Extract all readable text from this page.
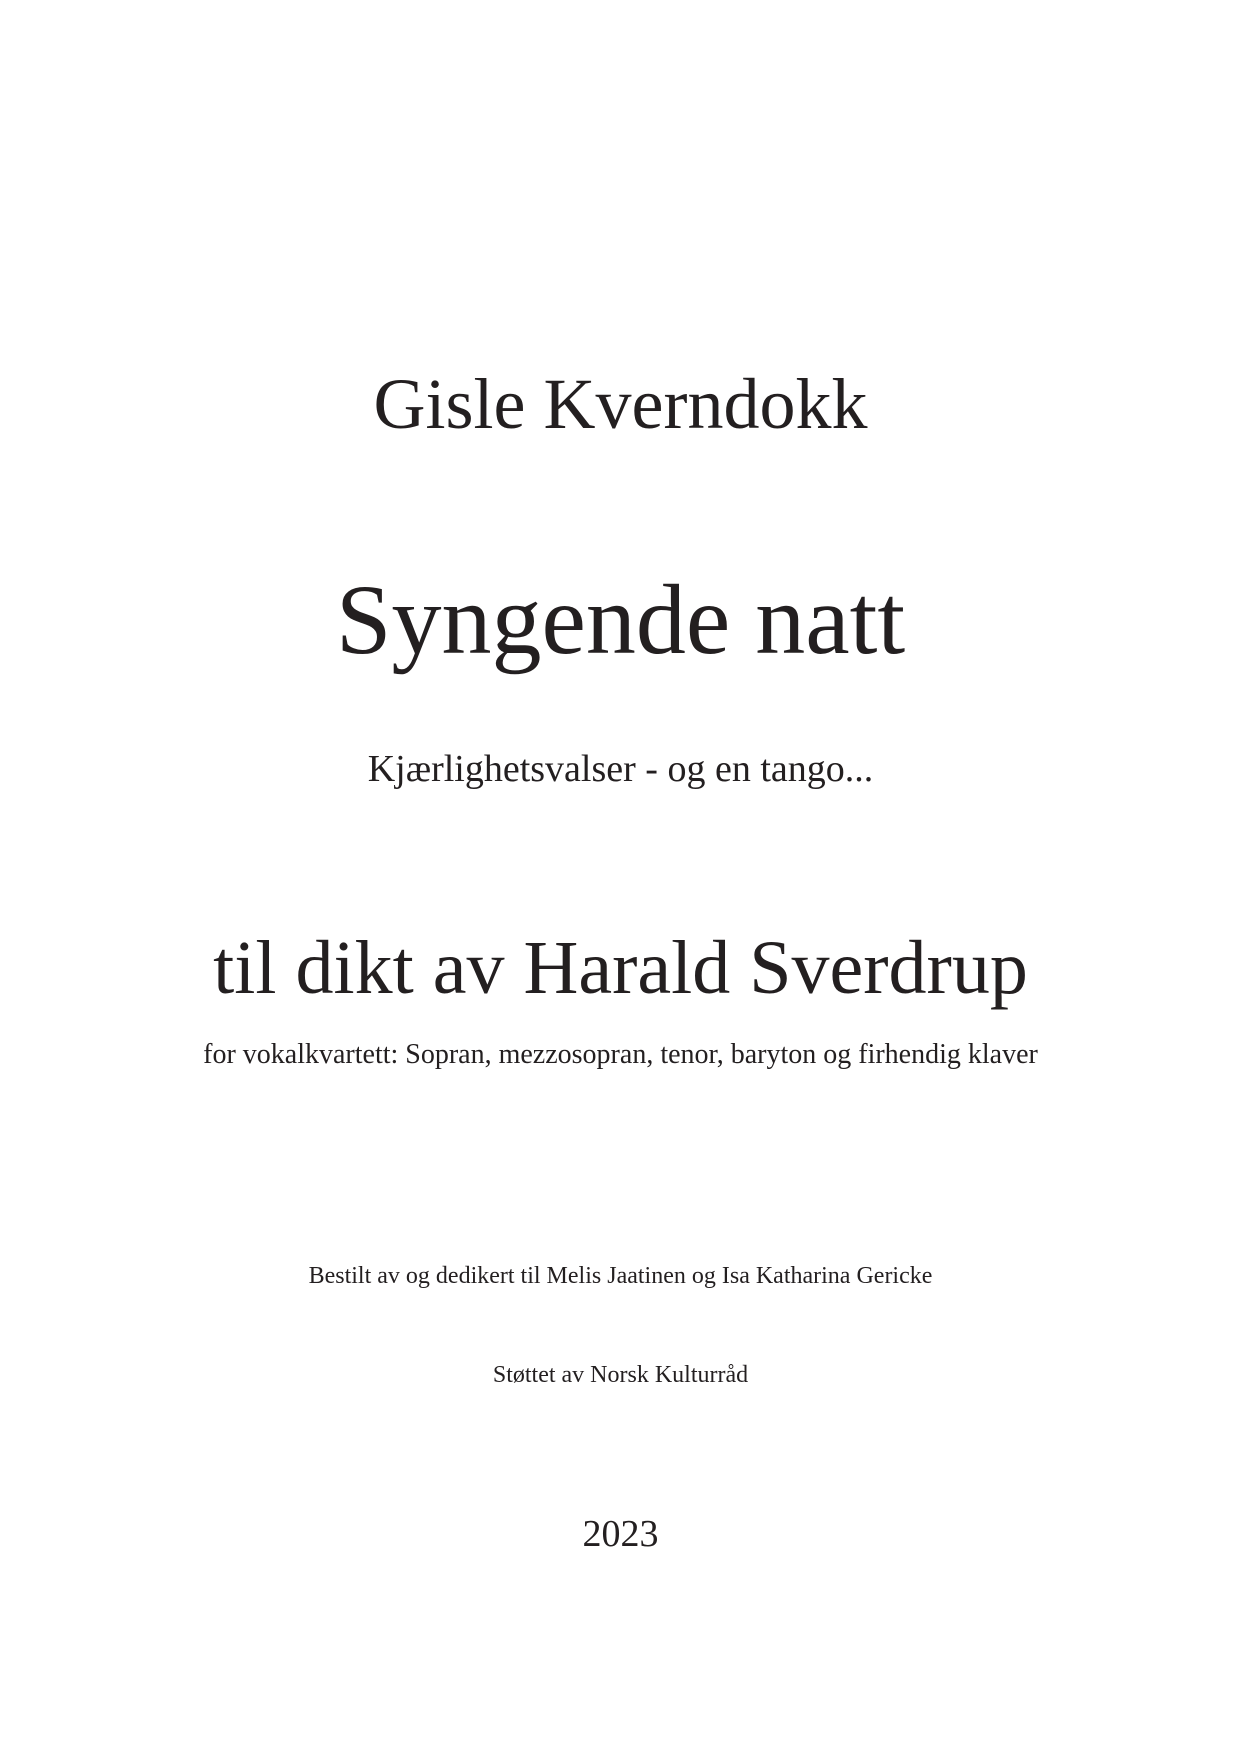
Gisle Kverndokk
Syngende natt
Kjærlighetsvalser - og en tango...
til dikt av Harald Sverdrup
for vokalkvartett: Sopran, mezzosopran, tenor, baryton og firhendig klaver
Bestilt av og dedikert til Melis Jaatinen og Isa Katharina Gericke
Støttet av Norsk Kulturråd
2023
